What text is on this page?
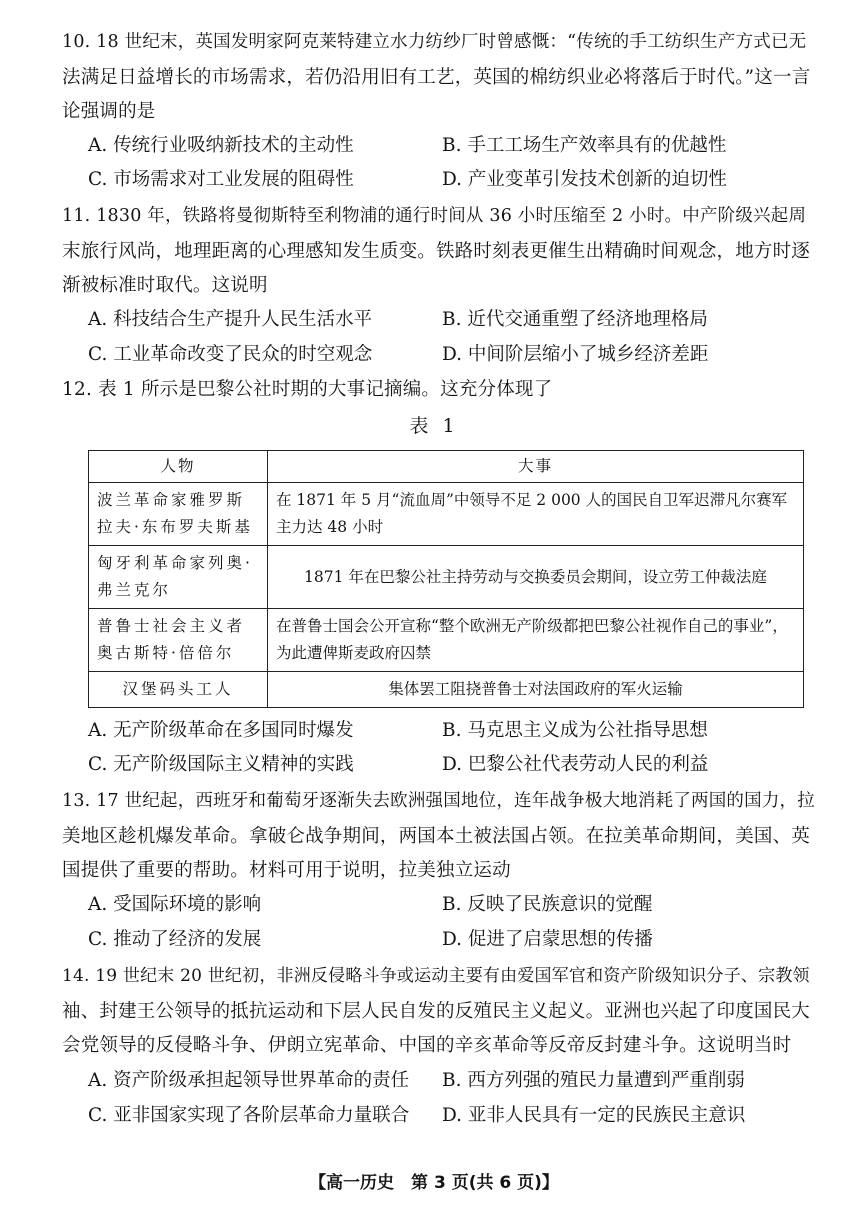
10. 18 世纪末，英国发明家阿克莱特建立水力纺纱厂时曾感慨：“传统的手工纺织生产方式已无
法满足日益增长的市场需求，若仍沿用旧有工艺，英国的棉纺织业必将落后于时代。”这一言
论强调的是
A. 传统行业吸纳新技术的主动性	B. 手工工场生产效率具有的优越性
C. 市场需求对工业发展的阻碍性	D. 产业变革引发技术创新的迫切性
11. 1830 年，铁路将曼彻斯特至利物浦的通行时间从 36 小时压缩至 2 小时。中产阶级兴起周
末旅行风尚，地理距离的心理感知发生质变。铁路时刻表更催生出精确时间观念，地方时逐
渐被标准时取代。这说明
A. 科技结合生产提升人民生活水平	B. 近代交通重塑了经济地理格局
C. 工业革命改变了民众的时空观念	D. 中间阶层缩小了城乡经济差距
12. 表 1 所示是巴黎公社时期的大事记摘编。这充分体现了
表 1
人物	大事
波兰革命家雅罗斯拉夫·东布罗夫斯基	在 1871 年 5 月“流血周”中领导不足 2 000 人的国民自卫军迟滞凡尔赛军主力达 48 小时
匈牙利革命家列奥·弗兰克尔	1871 年在巴黎公社主持劳动与交换委员会期间，设立劳工仲裁法庭
普鲁士社会主义者奥古斯特·倍倍尔	在普鲁士国会公开宣称“整个欧洲无产阶级都把巴黎公社视作自己的事业”，为此遭俾斯麦政府囚禁
汉堡码头工人	集体罢工阻挠普鲁士对法国政府的军火运输
A. 无产阶级革命在多国同时爆发	B. 马克思主义成为公社指导思想
C. 无产阶级国际主义精神的实践	D. 巴黎公社代表劳动人民的利益
13. 17 世纪起，西班牙和葡萄牙逐渐失去欧洲强国地位，连年战争极大地消耗了两国的国力，拉
美地区趁机爆发革命。拿破仑战争期间，两国本土被法国占领。在拉美革命期间，美国、英
国提供了重要的帮助。材料可用于说明，拉美独立运动
A. 受国际环境的影响	B. 反映了民族意识的觉醒
C. 推动了经济的发展	D. 促进了启蒙思想的传播
14. 19 世纪末 20 世纪初，非洲反侵略斗争或运动主要有由爱国军官和资产阶级知识分子、宗教领
袖、封建王公领导的抵抗运动和下层人民自发的反殖民主义起义。亚洲也兴起了印度国民大
会党领导的反侵略斗争、伊朗立宪革命、中国的辛亥革命等反帝反封建斗争。这说明当时
A. 资产阶级承担起领导世界革命的责任 B. 西方列强的殖民力量遭到严重削弱
C. 亚非国家实现了各阶层革命力量联合 D. 亚非人民具有一定的民族民主意识
【高一历史　第 3 页(共 6 页)】
